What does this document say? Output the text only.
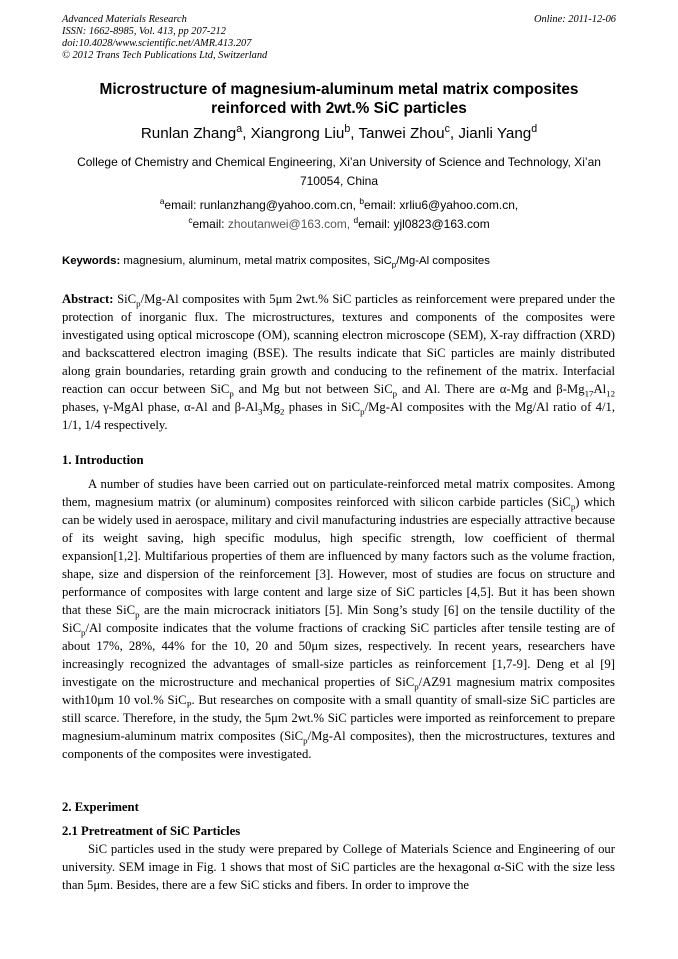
Advanced Materials Research
ISSN: 1662-8985, Vol. 413, pp 207-212
doi:10.4028/www.scientific.net/AMR.413.207
© 2012 Trans Tech Publications Ltd, Switzerland
Online: 2011-12-06
Microstructure of magnesium-aluminum metal matrix composites
reinforced with 2wt.% SiC particles
Runlan Zhang$^a$, Xiangrong Liu$^b$, Tanwei Zhou$^c$, Jianli Yang$^d$
College of Chemistry and Chemical Engineering, Xi’an University of Science and Technology, Xi’an 710054, China
$^a$email: runlanzhang@yahoo.com.cn, $^b$email: xrliu6@yahoo.com.cn,
$^c$email: zhoutanwei@163.com, $^d$email: yjl0823@163.com
Keywords: magnesium, aluminum, metal matrix composites, SiC$_p$/Mg-Al composites

Abstract: SiC$_p$/Mg-Al composites with 5μm 2wt.% SiC particles as reinforcement were prepared under the protection of inorganic flux. The microstructures, textures and components of the composites were investigated using optical microscope (OM), scanning electron microscope (SEM), X-ray diffraction (XRD) and backscattered electron imaging (BSE). The results indicate that SiC particles are mainly distributed along grain boundaries, retarding grain growth and conducing to the refinement of the matrix. Interfacial reaction can occur between SiC$_p$ and Mg but not between SiC$_p$ and Al. There are α-Mg and $\beta-Mg_{17}Al_{12}$ phases, γ-MgAl phase, α-Al and $\beta-Al_3Mg_2$ phases in SiC$_p$/Mg-Al composites with the Mg/Al ratio of 4/1, 1/1, 1/4 respectively.

1. Introduction

A number of studies have been carried out on particulate-reinforced metal matrix composites. Among them, magnesium matrix (or aluminum) composites reinforced with silicon carbide particles (SiC$_p$) which can be widely used in aerospace, military and civil manufacturing industries are especially attractive because of its weight saving, high specific modulus, high specific strength, low coefficient of thermal expansion[1,2]. Multifarious properties of them are influenced by many factors such as the volume fraction, shape, size and dispersion of the reinforcement [3]. However, most of studies are focus on structure and performance of composites with large content and large size of SiC particles [4,5]. But it has been shown that these SiC$_p$ are the main microcrack initiators [5]. Min Song’s study [6] on the tensile ductility of the SiC$_p$/Al composite indicates that the volume fractions of cracking SiC particles after tensile testing are of about 17%, 28%, 44% for the 10, 20 and 50μm sizes, respectively. In recent years, researchers have increasingly recognized the advantages of small-size particles as reinforcement [1,7-9]. Deng et al [9] investigate on the microstructure and mechanical properties of SiC$_p$/AZ91 magnesium matrix composites with10μm 10 vol.% SiC$_P$. But researches on composite with a small quantity of small-size SiC particles are still scarce. Therefore, in the study, the 5μm 2wt.% SiC particles were imported as reinforcement to prepare magnesium-aluminum matrix composites (SiC$_p$/Mg-Al composites), then the microstructures, textures and components of the composites were investigated.

2. Experiment
2.1 Pretreatment of SiC Particles

SiC particles used in the study were prepared by College of Materials Science and Engineering of our university. SEM image in Fig. 1 shows that most of SiC particles are the hexagonal α-SiC with the size less than 5μm. Besides, there are a few SiC sticks and fibers. In order to improve the
